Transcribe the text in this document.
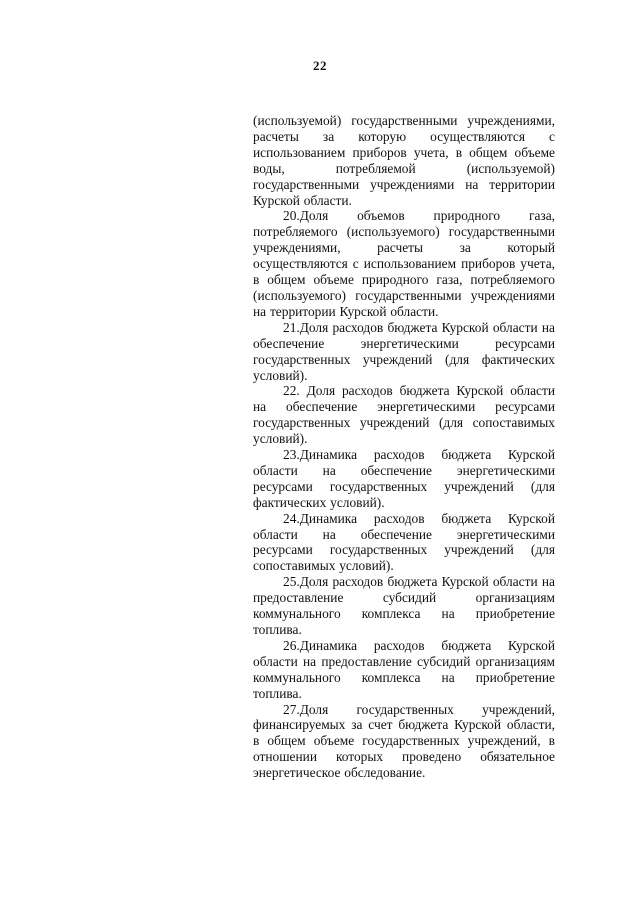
22

(используемой) государственными учреждениями, расчеты за которую осуществляются с использованием приборов учета, в общем объеме воды, потребляемой (используемой) государственными учреждениями на территории Курской области.

20.Доля объемов природного газа, потребляемого (используемого) государственными учреждениями, расчеты за который осуществляются с использованием приборов учета, в общем объеме природного газа, потребляемого (используемого) государственными учреждениями на территории Курской области.

21.Доля расходов бюджета Курской области на обеспечение энергетическими ресурсами государственных учреждений (для фактических условий).

22. Доля расходов бюджета Курской области на обеспечение энергетическими ресурсами государственных учреждений (для сопоставимых условий).

23.Динамика расходов бюджета Курской области на обеспечение энергетическими ресурсами государственных учреждений (для фактических условий).

24.Динамика расходов бюджета Курской области на обеспечение энергетическими ресурсами государственных учреждений (для сопоставимых условий).

25.Доля расходов бюджета Курской области на предоставление субсидий организациям коммунального комплекса на приобретение топлива.

26.Динамика расходов бюджета Курской области на предоставление субсидий организациям коммунального комплекса на приобретение топлива.

27.Доля государственных учреждений, финансируемых за счет бюджета Курской области, в общем объеме государственных учреждений, в отношении которых проведено обязательное энергетическое обследование.
